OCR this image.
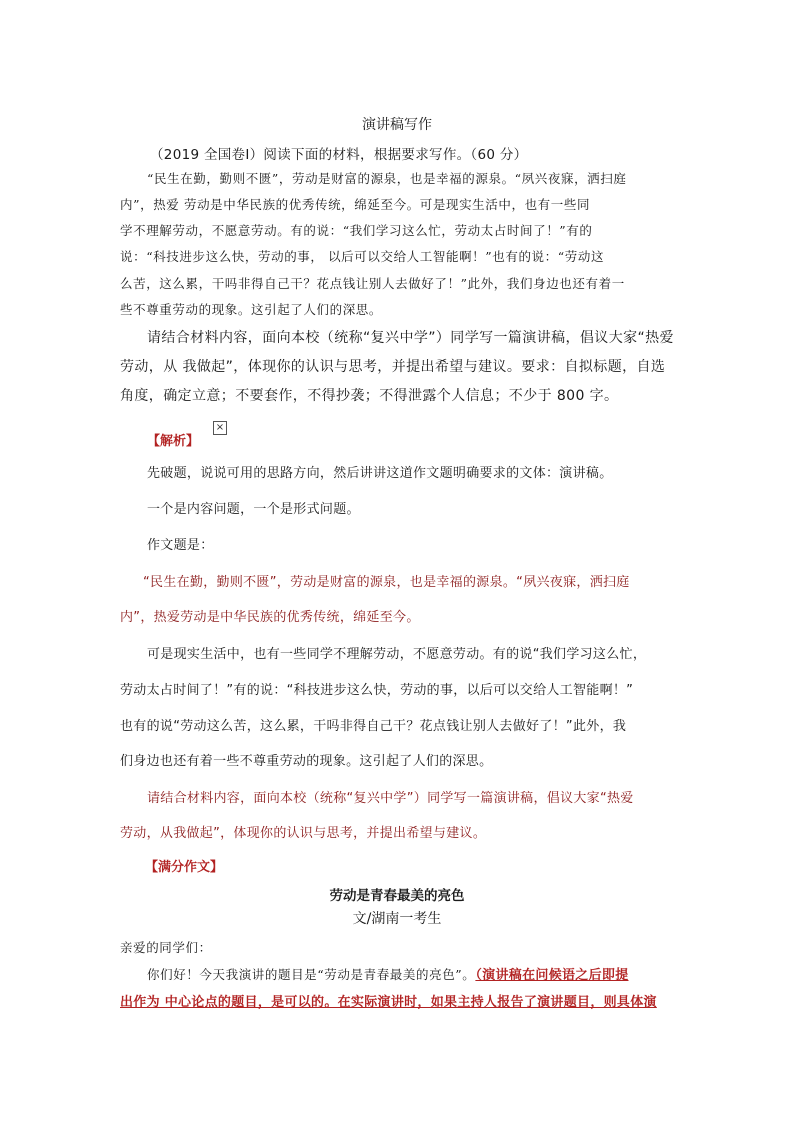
演讲稿写作
（2019 全国卷Ⅰ）阅读下面的材料，根据要求写作。（60 分）
“民生在勤，勤则不匮”，劳动是财富的源泉，也是幸福的源泉。“夙兴夜寐，洒扫庭
内”，热爱 劳动是中华民族的优秀传统，绵延至今。可是现实生活中，也有一些同
学不理解劳动，不愿意劳动。有的说：“我们学习这么忙，劳动太占时间了！”有的
说：“科技进步这么快，劳动的事， 以后可以交给人工智能啊！”也有的说：“劳动这
么苦，这么累，干吗非得自己干？花点钱让别人去做好了！”此外，我们身边也还有着一
些不尊重劳动的现象。这引起了人们的深思。
请结合材料内容，面向本校（统称“复兴中学”）同学写一篇演讲稿，倡议大家“热爱
劳动，从 我做起”，体现你的认识与思考，并提出希望与建议。要求：自拟标题，自选
角度，确定立意；不要套作，不得抄袭；不得泄露个人信息；不少于 800 字。
【解析】
×
先破题，说说可用的思路方向，然后讲讲这道作文题明确要求的文体：演讲稿。
一个是内容问题，一个是形式问题。
作文题是：
“民生在勤，勤则不匮”，劳动是财富的源泉，也是幸福的源泉。“夙兴夜寐，洒扫庭
内”，热爱劳动是中华民族的优秀传统，绵延至今。
可是现实生活中，也有一些同学不理解劳动，不愿意劳动。有的说“我们学习这么忙，
劳动太占时间了！”有的说：“科技进步这么快，劳动的事，以后可以交给人工智能啊！”
也有的说“劳动这么苦，这么累，干吗非得自己干？花点钱让别人去做好了！”此外，我
们身边也还有着一些不尊重劳动的现象。这引起了人们的深思。
请结合材料内容，面向本校（统称“复兴中学”）同学写一篇演讲稿，倡议大家“热爱
劳动，从我做起”，体现你的认识与思考，并提出希望与建议。
【满分作文】
劳动是青春最美的亮色
文/湖南一考生
亲爱的同学们：
你们好！今天我演讲的题目是“劳动是青春最美的亮色”。（演讲稿在问候语之后即提
出作为 中心论点的题目，是可以的。在实际演讲时，如果主持人报告了演讲题目，则具体演
